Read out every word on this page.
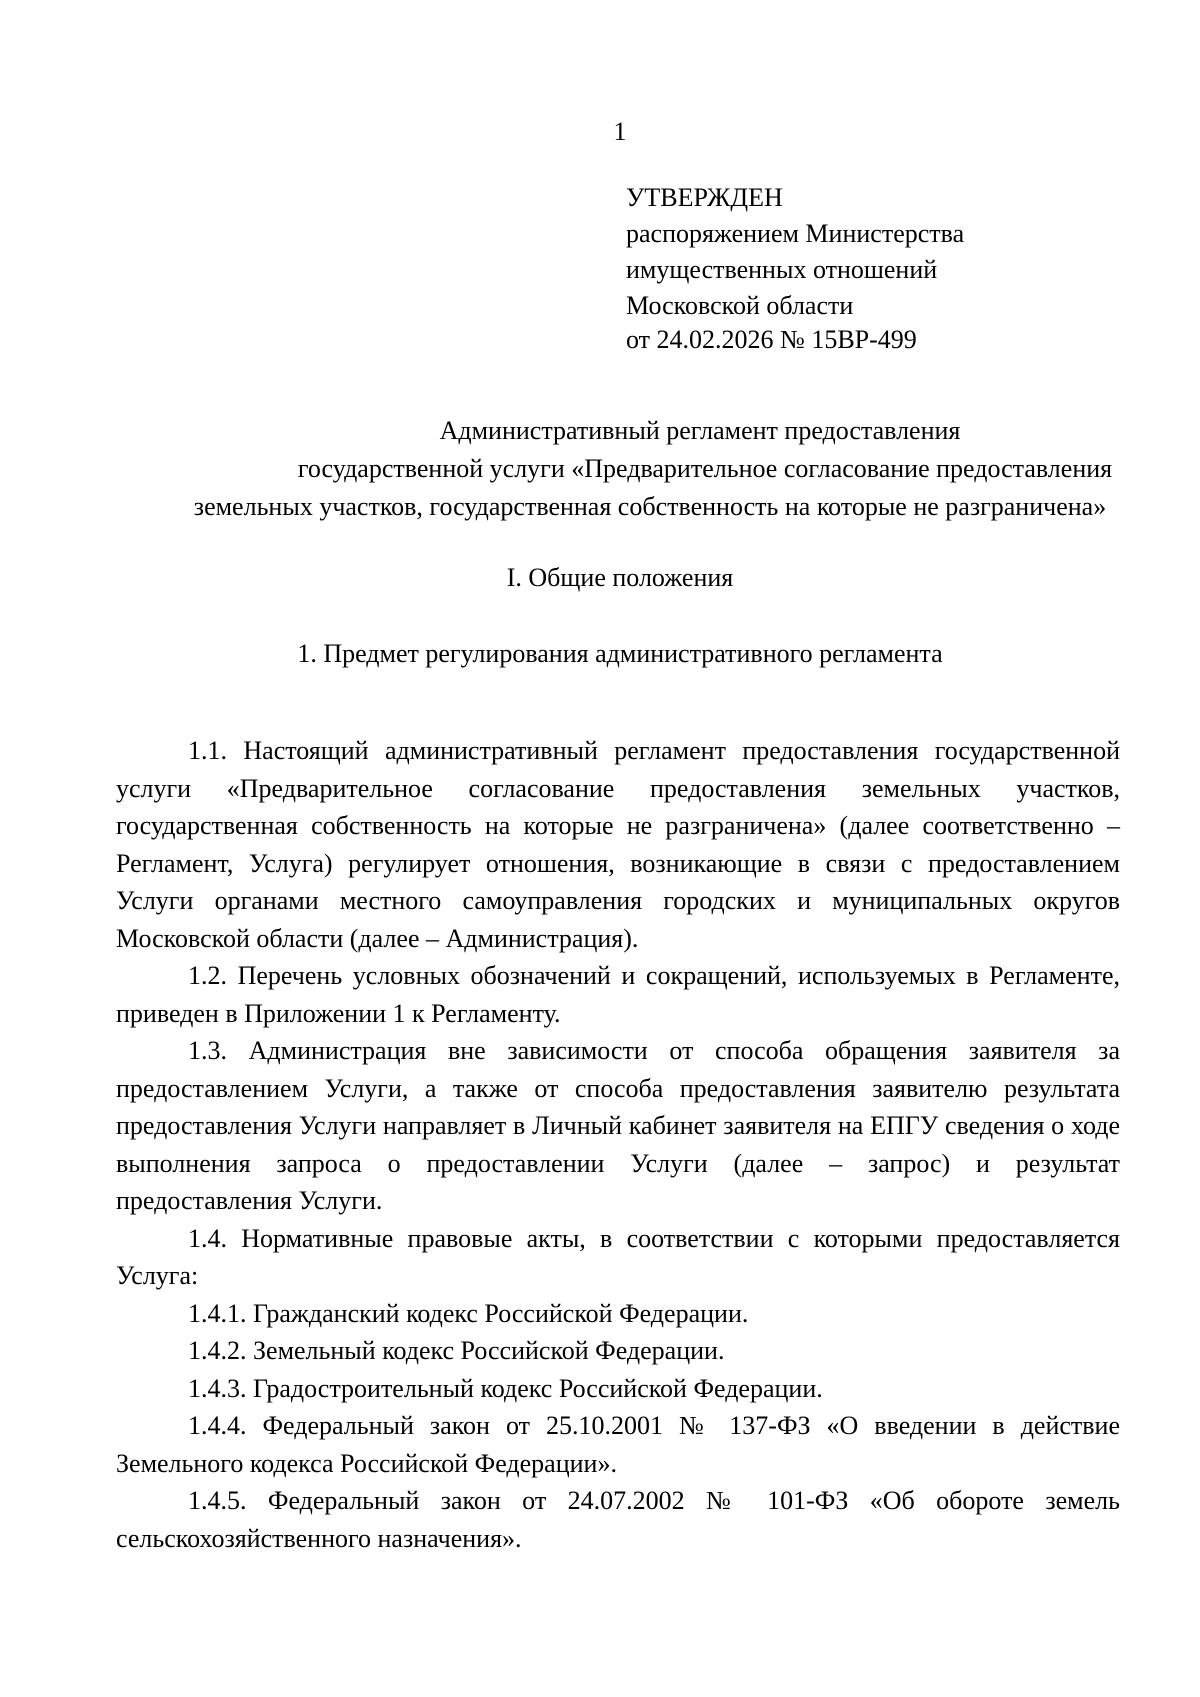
1
УТВЕРЖДЕН
распоряжением Министерства
имущественных отношений
Московской области
от 24.02.2026 № 15ВР-499
Административный регламент предоставления
государственной услуги «Предварительное согласование предоставления
земельных участков, государственная собственность на которые не разграничена»
I. Общие положения
1. Предмет регулирования административного регламента

1.1. Настоящий административный регламент предоставления государственной услуги «Предварительное согласование предоставления земельных участков, государственная собственность на которые не разграничена» (далее соответственно – Регламент, Услуга) регулирует отношения, возникающие в связи с предоставлением Услуги органами местного самоуправления городских и муниципальных округов Московской области (далее – Администрация).

1.2. Перечень условных обозначений и сокращений, используемых в Регламенте, приведен в Приложении 1 к Регламенту.

1.3. Администрация вне зависимости от способа обращения заявителя за предоставлением Услуги, а также от способа предоставления заявителю результата предоставления Услуги направляет в Личный кабинет заявителя на ЕПГУ сведения о ходе выполнения запроса о предоставлении Услуги (далее – запрос) и результат предоставления Услуги.

1.4. Нормативные правовые акты, в соответствии с которыми предоставляется Услуга:

1.4.1. Гражданский кодекс Российской Федерации.

1.4.2. Земельный кодекс Российской Федерации.

1.4.3. Градостроительный кодекс Российской Федерации.

1.4.4. Федеральный закон от 25.10.2001 № 137-ФЗ «О введении в действие Земельного кодекса Российской Федерации».

1.4.5. Федеральный закон от 24.07.2002 № 101-ФЗ «Об обороте земель сельскохозяйственного назначения».
